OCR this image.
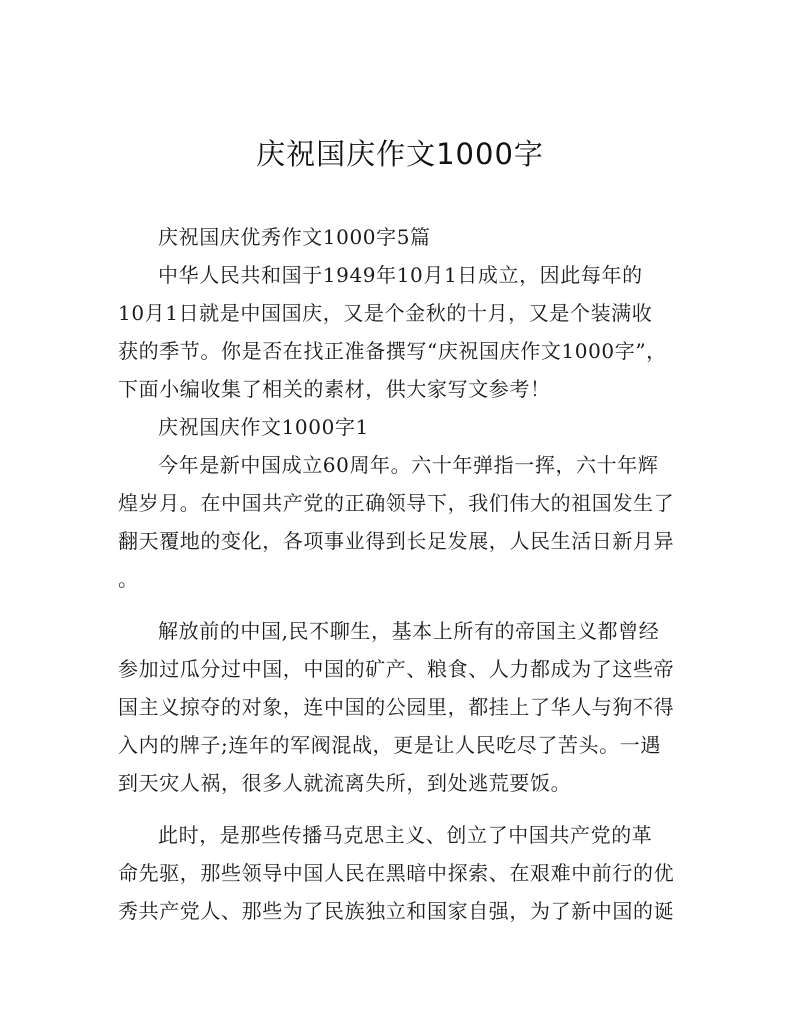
庆祝国庆作文1000字

庆祝国庆优秀作文1000字5篇

中华人民共和国于1949年10月1日成立，因此每年的
10月1日就是中国国庆，又是个金秋的十月，又是个装满收
获的季节。你是否在找正准备撰写“庆祝国庆作文1000字”，
下面小编收集了相关的素材，供大家写文参考！

庆祝国庆作文1000字1

今年是新中国成立60周年。六十年弹指一挥，六十年辉
煌岁月。在中国共产党的正确领导下，我们伟大的祖国发生了
翻天覆地的变化，各项事业得到长足发展，人民生活日新月异
。

解放前的中国,民不聊生，基本上所有的帝国主义都曾经
参加过瓜分过中国，中国的矿产、粮食、人力都成为了这些帝
国主义掠夺的对象，连中国的公园里，都挂上了华人与狗不得
入内的牌子;连年的军阀混战，更是让人民吃尽了苦头。一遇
到天灾人祸，很多人就流离失所，到处逃荒要饭。

此时，是那些传播马克思主义、创立了中国共产党的革
命先驱，那些领导中国人民在黑暗中探索、在艰难中前行的优
秀共产党人、那些为了民族独立和国家自强，为了新中国的诞
